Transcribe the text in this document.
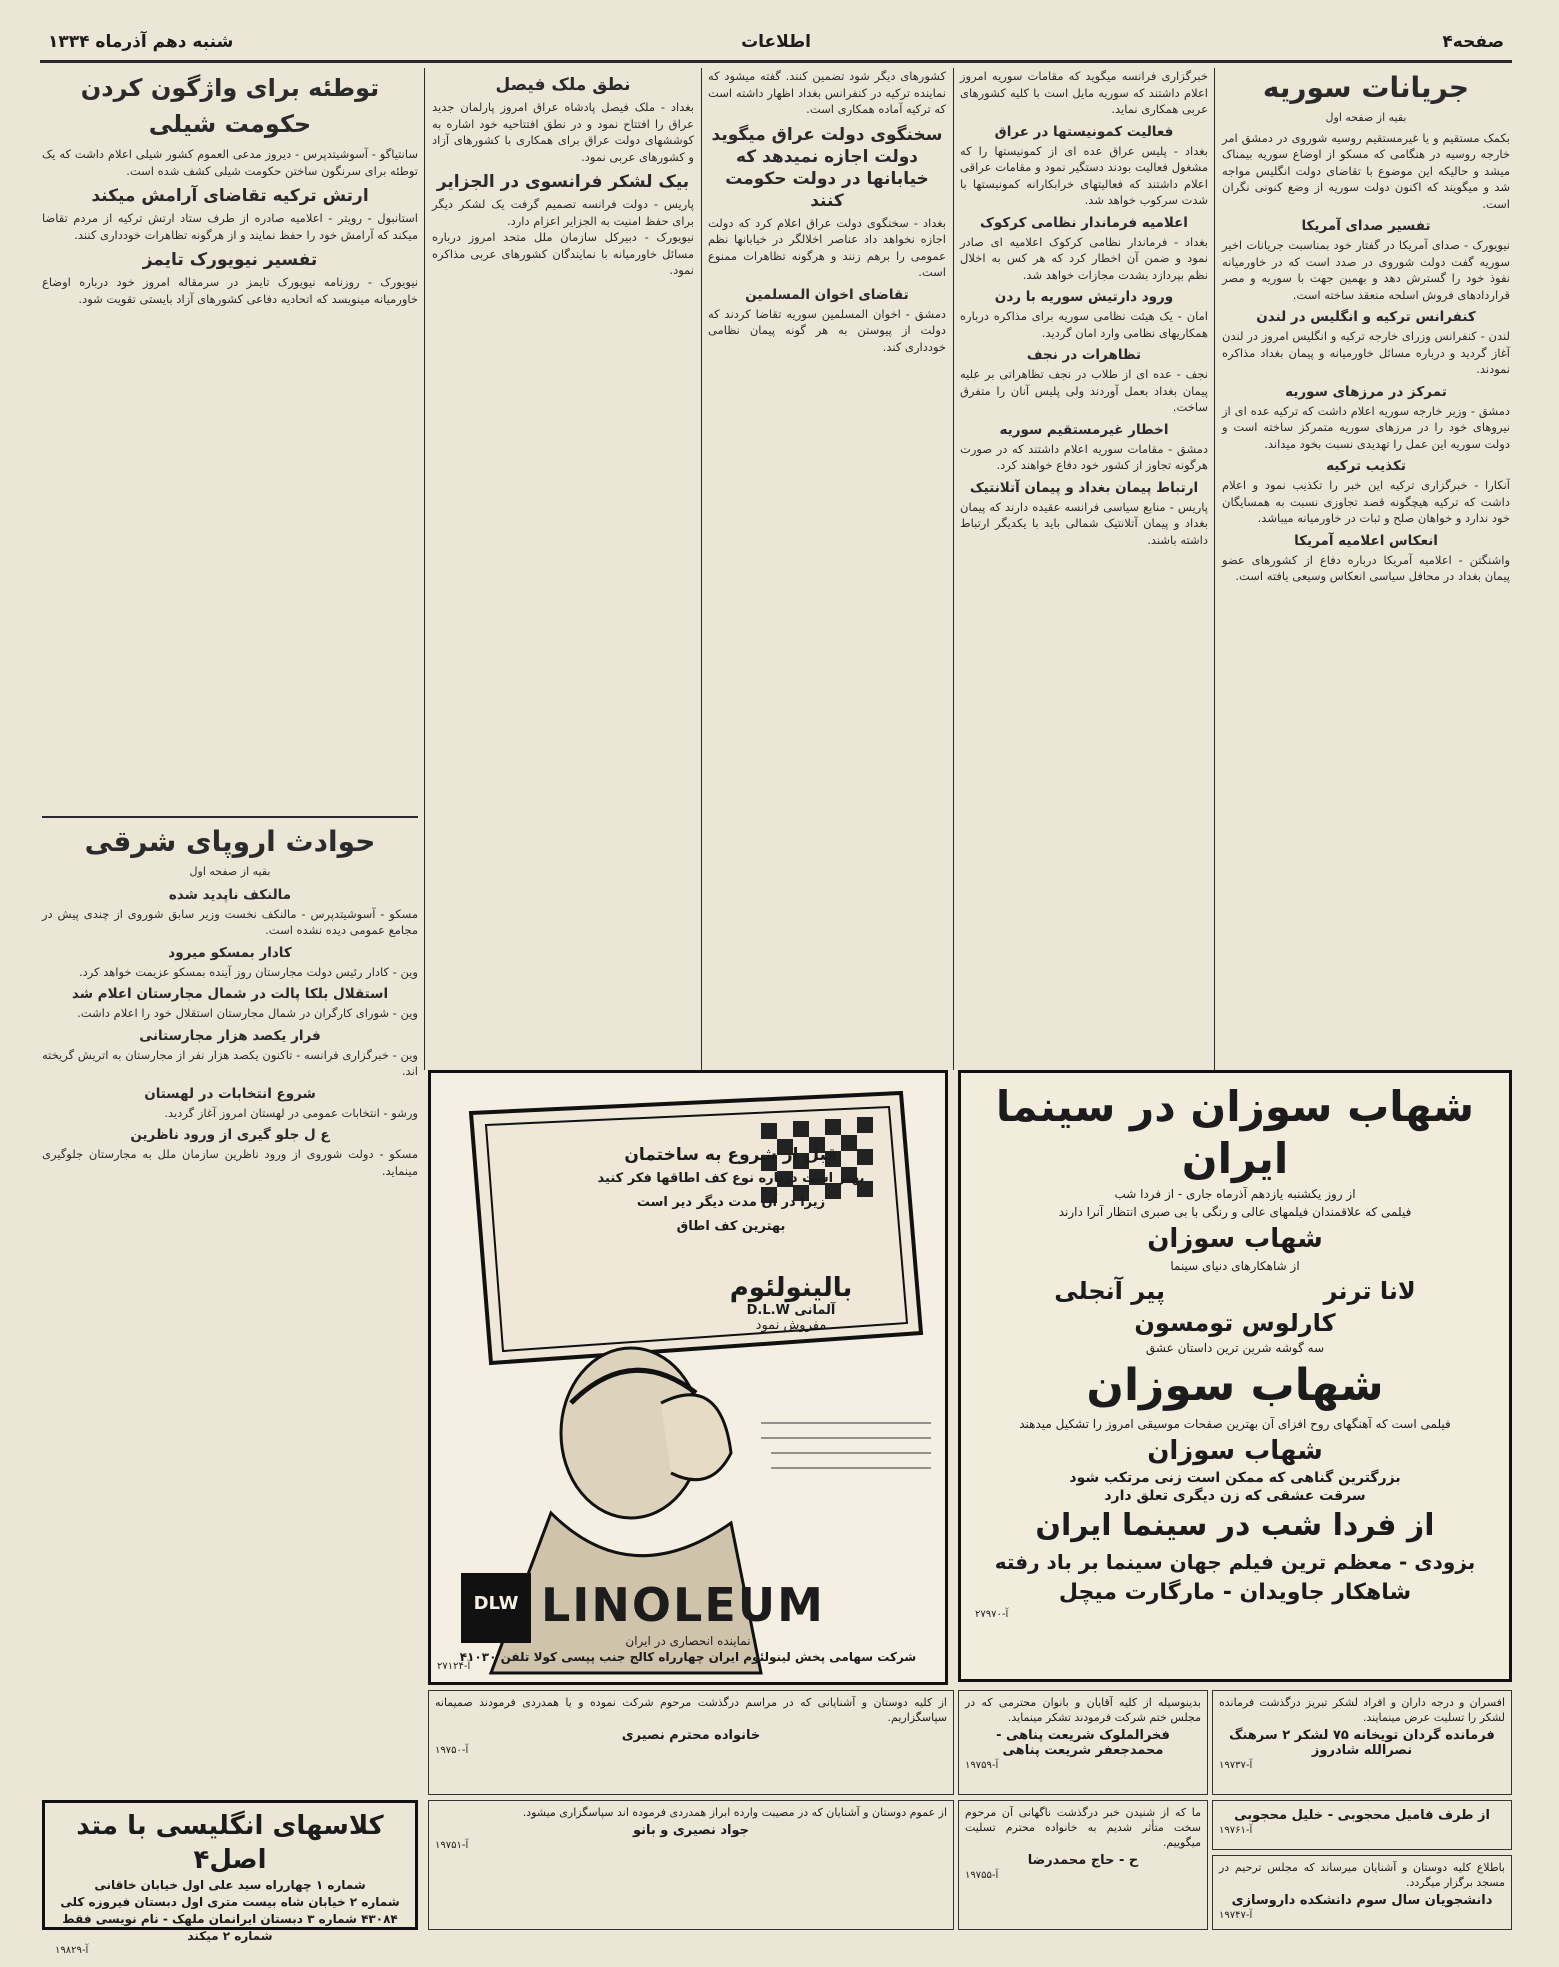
صفحه۴
اطلاعات
شنبه دهم آذرماه ۱۳۳۴
جریانات سوریه
بقیه از صفحه اول

بکمک مستقیم و یا غیرمستقیم روسیه شوروی در دمشق امر خارجه روسیه در هنگامی که مسکو از اوضاع سوریه بیمناک میشد و حالیکه این موضوع با تقاضای دولت انگلیس مواجه شد و میگویند که اکنون دولت سوریه از وضع کنونی نگران است.

تفسیر صدای آمریکا

نیویورک - صدای آمریکا در گفتار خود بمناسبت جریانات اخیر سوریه گفت دولت شوروی در صدد است که در خاورمیانه نفوذ خود را گسترش دهد و بهمین جهت با سوریه و مصر قراردادهای فروش اسلحه منعقد ساخته است.

کنفرانس ترکیه و انگلیس در لندن

لندن - کنفرانس وزرای خارجه ترکیه و انگلیس امروز در لندن آغاز گردید و درباره مسائل خاورمیانه و پیمان بغداد مذاکره نمودند.

تمرکز در مرزهای سوریه

دمشق - وزیر خارجه سوریه اعلام داشت که ترکیه عده ای از نیروهای خود را در مرزهای سوریه متمرکز ساخته است و دولت سوریه این عمل را تهدیدی نسبت بخود میداند.

تکذیب ترکیه

آنکارا - خبرگزاری ترکیه این خبر را تکذیب نمود و اعلام داشت که ترکیه هیچگونه قصد تجاوزی نسبت به همسایگان خود ندارد و خواهان صلح و ثبات در خاورمیانه میباشد.

انعکاس اعلامیه آمریکا

واشنگتن - اعلامیه آمریکا درباره دفاع از کشورهای عضو پیمان بغداد در محافل سیاسی انعکاس وسیعی یافته است.

خبرگزاری فرانسه میگوید که مقامات سوریه امروز اعلام داشتند که سوریه مایل است با کلیه کشورهای عربی همکاری نماید.

فعالیت کمونیستها در عراق

بغداد - پلیس عراق عده ای از کمونیستها را که مشغول فعالیت بودند دستگیر نمود و مقامات عراقی اعلام داشتند که فعالیتهای خرابکارانه کمونیستها با شدت سرکوب خواهد شد.

اعلامیه فرماندار نظامی کرکوک

بغداد - فرماندار نظامی کرکوک اعلامیه ای صادر نمود و ضمن آن اخطار کرد که هر کس به اخلال نظم بپردازد بشدت مجازات خواهد شد.

ورود دارتیش سوریه با ردن

امان - یک هیئت نظامی سوریه برای مذاکره درباره همکاریهای نظامی وارد امان گردید.

تظاهرات در نجف

نجف - عده ای از طلاب در نجف تظاهراتی بر علیه پیمان بغداد بعمل آوردند ولی پلیس آنان را متفرق ساخت.

اخطار غیرمستقیم سوریه

دمشق - مقامات سوریه اعلام داشتند که در صورت هرگونه تجاوز از کشور خود دفاع خواهند کرد.

ارتباط پیمان بغداد و پیمان آتلانتیک

پاریس - منابع سیاسی فرانسه عقیده دارند که پیمان بغداد و پیمان آتلانتیک شمالی باید با یکدیگر ارتباط داشته باشند.

کشورهای دیگر شود تضمین کنند. گفته میشود که نماینده ترکیه در کنفرانس بغداد اظهار داشته است که ترکیه آماده همکاری است.

سخنگوی دولت عراق میگوید دولت اجازه نمیدهد که خیابانها در دولت حکومت کنند

بغداد - سخنگوی دولت عراق اعلام کرد که دولت اجازه نخواهد داد عناصر اخلالگر در خیابانها نظم عمومی را برهم زنند و هرگونه تظاهرات ممنوع است.

تقاضای اخوان المسلمین

دمشق - اخوان المسلمین سوریه تقاضا کردند که دولت از پیوستن به هر گونه پیمان نظامی خودداری کند.

نطق ملک فیصل

بغداد - ملک فیصل پادشاه عراق امروز پارلمان جدید عراق را افتتاح نمود و در نطق افتتاحیه خود اشاره به کوششهای دولت عراق برای همکاری با کشورهای آزاد و کشورهای عربی نمود.

بیک لشکر فرانسوی در الجزایر

پاریس - دولت فرانسه تصمیم گرفت یک لشکر دیگر برای حفظ امنیت به الجزایر اعزام دارد.

نیویورک - دبیرکل سازمان ملل متحد امروز درباره مسائل خاورمیانه با نمایندگان کشورهای عربی مذاکره نمود.

توطئه برای واژگون کردن حکومت شیلی

سانتیاگو - آسوشیتدپرس - دیروز مدعی العموم کشور شیلی اعلام داشت که یک توطئه برای سرنگون ساختن حکومت شیلی کشف شده است.

ارتش ترکیه تقاضای آرامش میکند

استانبول - رویتر - اعلامیه صادره از طرف ستاد ارتش ترکیه از مردم تقاضا میکند که آرامش خود را حفظ نمایند و از هرگونه تظاهرات خودداری کنند.

تفسیر نیویورک تایمز

نیویورک - روزنامه نیویورک تایمز در سرمقاله امروز خود درباره اوضاع خاورمیانه مینویسد که اتحادیه دفاعی کشورهای آزاد بایستی تقویت شود.

حوادث اروپای شرقی
بقیه از صفحه اول
مالنکف ناپدید شده

مسکو - آسوشیتدپرس - مالنکف نخست وزیر سابق شوروی از چندی پیش در مجامع عمومی دیده نشده است.

کادار بمسکو میرود

وین - کادار رئیس دولت مجارستان روز آینده بمسکو عزیمت خواهد کرد.

استقلال بلکا پالت در شمال مجارستان اعلام شد

وین - شورای کارگران در شمال مجارستان استقلال خود را اعلام داشت.

فرار یکصد هزار مجارستانی

وین - خبرگزاری فرانسه - تاکنون یکصد هزار نفر از مجارستان به اتریش گریخته اند.

شروع انتخابات در لهستان

ورشو - انتخابات عمومی در لهستان امروز آغاز گردید.

ع ل جلو گیری از ورود ناظرین

مسکو - دولت شوروی از ورود ناظرین سازمان ملل به مجارستان جلوگیری مینماید.

قبل از شروع به ساختمان
بهتر است درباره نوع کف اطاقها فکر کنید
زیرا در آن مدت دیگر دیر است
بهترین کف اطاق
بالینولئوم
آلمانی D.L.W
مفروش نمود
DLW LINOLEUM
نماینده انحصاری در ایران
شرکت سهامی پخش لینولئوم ایران چهارراه کالج جنب پپسی کولا تلفن ۴۱۰۳۰
آ-۲۷۱۲۴
شهاب سوزان در سینما ایران
از روز یکشنبه یازدهم آذرماه جاری - از فردا شب
فیلمی که علاقمندان فیلمهای عالی و رنگی با بی صبری انتظار آنرا دارند
شهاب سوزان
از شاهکارهای دنیای سینما
لانا ترنر
پیر آنجلی
کارلوس تومسون
سه گوشه شرین ترین داستان عشق
شهاب سوزان
فیلمی است که آهنگهای روح افزای آن بهترین صفحات موسیقی امروز را تشکیل میدهند
شهاب سوزان
بزرگترین گناهی که ممکن است زنی مرتکب شود
سرقت عشقی که زن دیگری تعلق دارد
از فردا شب در سینما ایران
بزودی - معظم ترین فیلم جهان سینما بر باد رفته
شاهکار جاویدان - مارگارت میچل
آ-۲۷۹۷۰
افسران و درجه داران و افراد لشکر تبریز درگذشت فرمانده لشکر را تسلیت عرض مینمایند.
فرمانده گردان تویخانه ۷۵ لشکر ۲ سرهنگ نصرالله شادروز
آ-۱۹۷۳۷
بدینوسیله از کلیه آقایان و بانوان محترمی که در مجلس ختم شرکت فرمودند تشکر مینماید.
فخرالملوک شریعت پناهی - محمدجعفر شریعت پناهی
آ-۱۹۷۵۹
از کلیه دوستان و آشنایانی که در مراسم درگذشت مرحوم شرکت نموده و یا همدردی فرمودند صمیمانه سپاسگزاریم.
خانواده محترم نصیری
آ-۱۹۷۵۰
از طرف فامیل محجوبی - خلیل محجوبی
آ-۱۹۷۶۱
ما که از شنیدن خبر درگذشت ناگهانی آن مرحوم سخت متأثر شدیم به خانواده محترم تسلیت میگوییم.
ح - حاج محمدرضا
آ-۱۹۷۵۵
از عموم دوستان و آشنایان که در مصیبت وارده ابراز همدردی فرموده اند سپاسگزاری میشود.
جواد نصیری و بانو
آ-۱۹۷۵۱
باطلاع کلیه دوستان و آشنایان میرساند که مجلس ترحیم در مسجد برگزار میگردد.
دانشجویان سال سوم دانشکده داروسازی
آ-۱۹۷۴۷
کلاسهای انگلیسی با متد اصل۴
شماره ۱ چهارراه سید علی اول خیابان خاقانی
شماره ۲ خیابان شاه بیست متری اول دبستان فیروزه کلی
۴۳۰۸۴ شماره ۳ دبستان ایرانمان ملهک - نام نویسی فقط
شماره ۲ میکند
آ-۱۹۸۲۹
